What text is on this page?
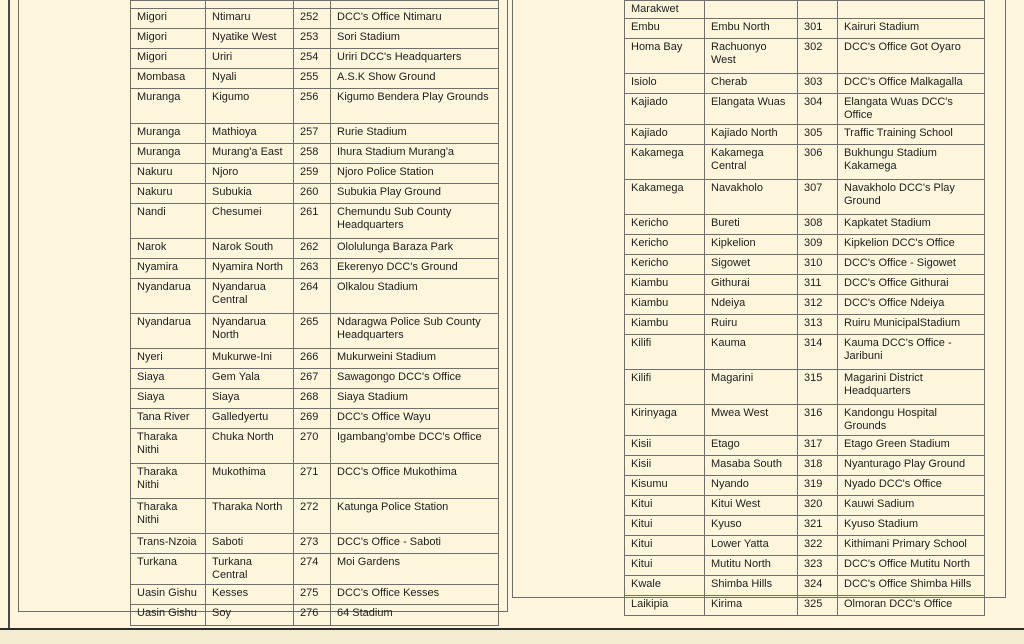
Migori	Ntimaru	252	DCC's Office Ntimaru
Migori	Nyatike West	253	Sori Stadium
Migori	Uriri	254	Uriri DCC's Headquarters
Mombasa	Nyali	255	A.S.K Show Ground
Muranga	Kigumo	256	Kigumo Bendera Play Grounds
Muranga	Mathioya	257	Rurie Stadium
Muranga	Murang'a East	258	Ihura Stadium Murang'a
Nakuru	Njoro	259	Njoro Police Station
Nakuru	Subukia	260	Subukia Play Ground
Nandi	Chesumei	261	Chemundu Sub County Headquarters
Narok	Narok South	262	Ololulunga Baraza Park
Nyamira	Nyamira North	263	Ekerenyo DCC's Ground
Nyandarua	Nyandarua Central	264	Olkalou Stadium
Nyandarua	Nyandarua North	265	Ndaragwa Police Sub County Headquarters
Nyeri	Mukurwe-Ini	266	Mukurweini Stadium
Siaya	Gem Yala	267	Sawagongo DCC's Office
Siaya	Siaya	268	Siaya Stadium
Tana River	Galledyertu	269	DCC's Office Wayu
Tharaka Nithi	Chuka North	270	Igambang'ombe DCC's Office
Tharaka Nithi	Mukothima	271	DCC's Office Mukothima
Tharaka Nithi	Tharaka North	272	Katunga Police Station
Trans-Nzoia	Saboti	273	DCC's Office - Saboti
Turkana	Turkana Central	274	Moi Gardens
Uasin Gishu	Kesses	275	DCC's Office Kesses
Uasin Gishu	Soy	276	64 Stadium
Marakwet			
Embu	Embu North	301	Kairuri Stadium
Homa Bay	Rachuonyo West	302	DCC's Office Got Oyaro
Isiolo	Cherab	303	DCC's Office Malkagalla
Kajiado	Elangata Wuas	304	Elangata Wuas DCC's Office
Kajiado	Kajiado North	305	Traffic Training School
Kakamega	Kakamega Central	306	Bukhungu Stadium Kakamega
Kakamega	Navakholo	307	Navakholo DCC's Play Ground
Kericho	Bureti	308	Kapkatet Stadium
Kericho	Kipkelion	309	Kipkelion DCC's Office
Kericho	Sigowet	310	DCC's Office - Sigowet
Kiambu	Githurai	311	DCC's Office Githurai
Kiambu	Ndeiya	312	DCC's Office Ndeiya
Kiambu	Ruiru	313	Ruiru MunicipalStadium
Kilifi	Kauma	314	Kauma DCC's Office - Jaribuni
Kilifi	Magarini	315	Magarini District Headquarters
Kirinyaga	Mwea West	316	Kandongu Hospital Grounds
Kisii	Etago	317	Etago Green Stadium
Kisii	Masaba South	318	Nyanturago Play Ground
Kisumu	Nyando	319	Nyado DCC's Office
Kitui	Kitui West	320	Kauwi Sadium
Kitui	Kyuso	321	Kyuso Stadium
Kitui	Lower Yatta	322	Kithimani Primary School
Kitui	Mutitu North	323	DCC's Office Mutitu North
Kwale	Shimba Hills	324	DCC's Office Shimba Hills
Laikipia	Kirima	325	Olmoran DCC's Office
